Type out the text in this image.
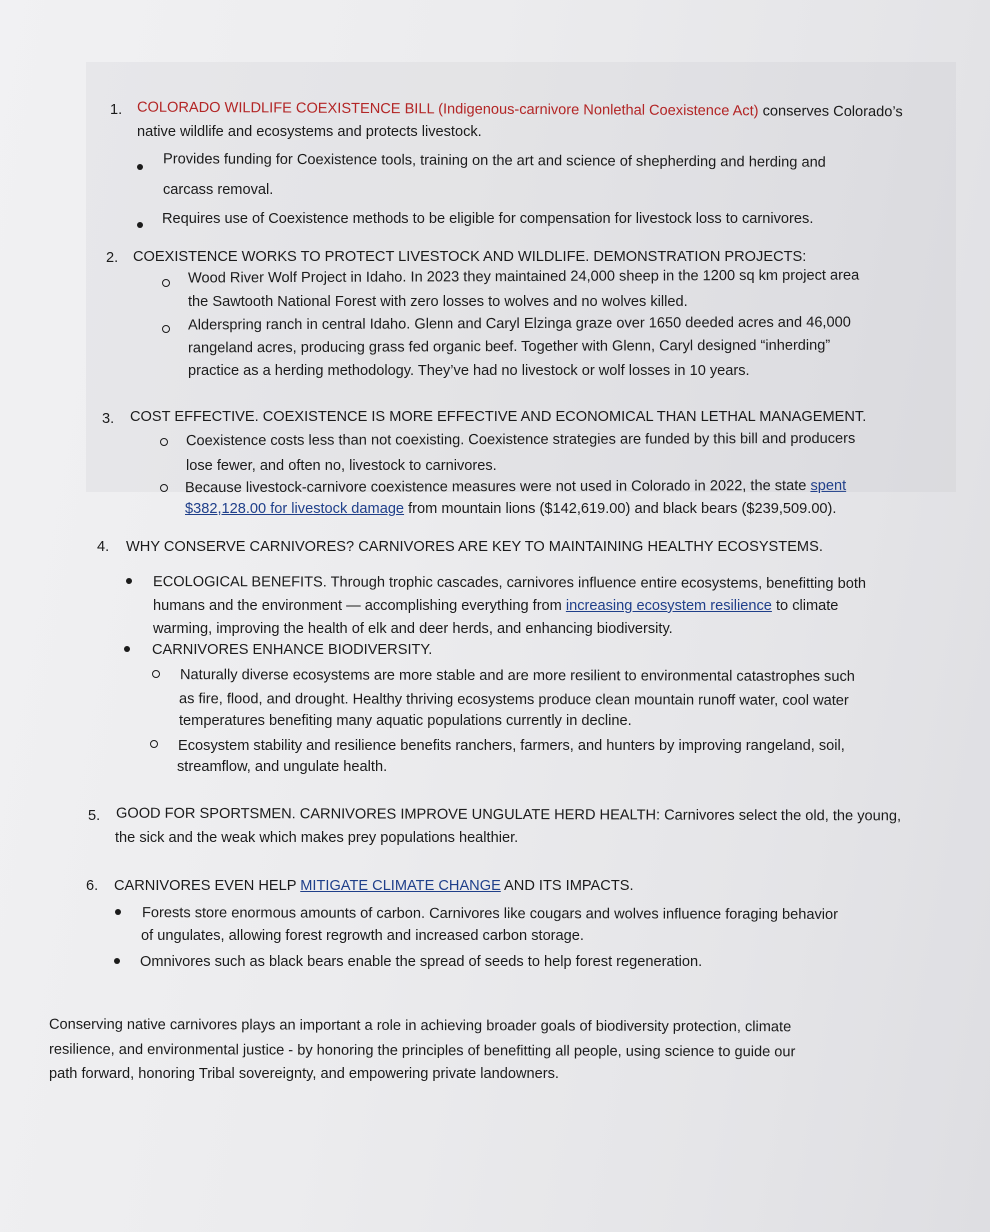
1. COLORADO WILDLIFE COEXISTENCE BILL (Indigenous-carnivore Nonlethal Coexistence Act) conserves Colorado’s
native wildlife and ecosystems and protects livestock.
Provides funding for Coexistence tools, training on the art and science of shepherding and herding and
carcass removal.
Requires use of Coexistence methods to be eligible for compensation for livestock loss to carnivores.
2. COEXISTENCE WORKS TO PROTECT LIVESTOCK AND WILDLIFE. DEMONSTRATION PROJECTS:
Wood River Wolf Project in Idaho. In 2023 they maintained 24,000 sheep in the 1200 sq km project area
the Sawtooth National Forest with zero losses to wolves and no wolves killed.
Alderspring ranch in central Idaho. Glenn and Caryl Elzinga graze over 1650 deeded acres and 46,000
rangeland acres, producing grass fed organic beef. Together with Glenn, Caryl designed “inherding”
practice as a herding methodology. They’ve had no livestock or wolf losses in 10 years.
3. COST EFFECTIVE. COEXISTENCE IS MORE EFFECTIVE AND ECONOMICAL THAN LETHAL MANAGEMENT.
Coexistence costs less than not coexisting. Coexistence strategies are funded by this bill and producers
lose fewer, and often no, livestock to carnivores.
Because livestock-carnivore coexistence measures were not used in Colorado in 2022, the state spent
$382,128.00 for livestock damage from mountain lions ($142,619.00) and black bears ($239,509.00).
4. WHY CONSERVE CARNIVORES? CARNIVORES ARE KEY TO MAINTAINING HEALTHY ECOSYSTEMS.
ECOLOGICAL BENEFITS. Through trophic cascades, carnivores influence entire ecosystems, benefitting both
humans and the environment — accomplishing everything from increasing ecosystem resilience to climate
warming, improving the health of elk and deer herds, and enhancing biodiversity.
CARNIVORES ENHANCE BIODIVERSITY.
Naturally diverse ecosystems are more stable and are more resilient to environmental catastrophes such
as fire, flood, and drought. Healthy thriving ecosystems produce clean mountain runoff water, cool water
temperatures benefiting many aquatic populations currently in decline.
Ecosystem stability and resilience benefits ranchers, farmers, and hunters by improving rangeland, soil,
streamflow, and ungulate health.
5. GOOD FOR SPORTSMEN. CARNIVORES IMPROVE UNGULATE HERD HEALTH: Carnivores select the old, the young,
the sick and the weak which makes prey populations healthier.
6. CARNIVORES EVEN HELP MITIGATE CLIMATE CHANGE AND ITS IMPACTS.
Forests store enormous amounts of carbon. Carnivores like cougars and wolves influence foraging behavior
of ungulates, allowing forest regrowth and increased carbon storage.
Omnivores such as black bears enable the spread of seeds to help forest regeneration.
Conserving native carnivores plays an important a role in achieving broader goals of biodiversity protection, climate
resilience, and environmental justice - by honoring the principles of benefitting all people, using science to guide our
path forward, honoring Tribal sovereignty, and empowering private landowners.
